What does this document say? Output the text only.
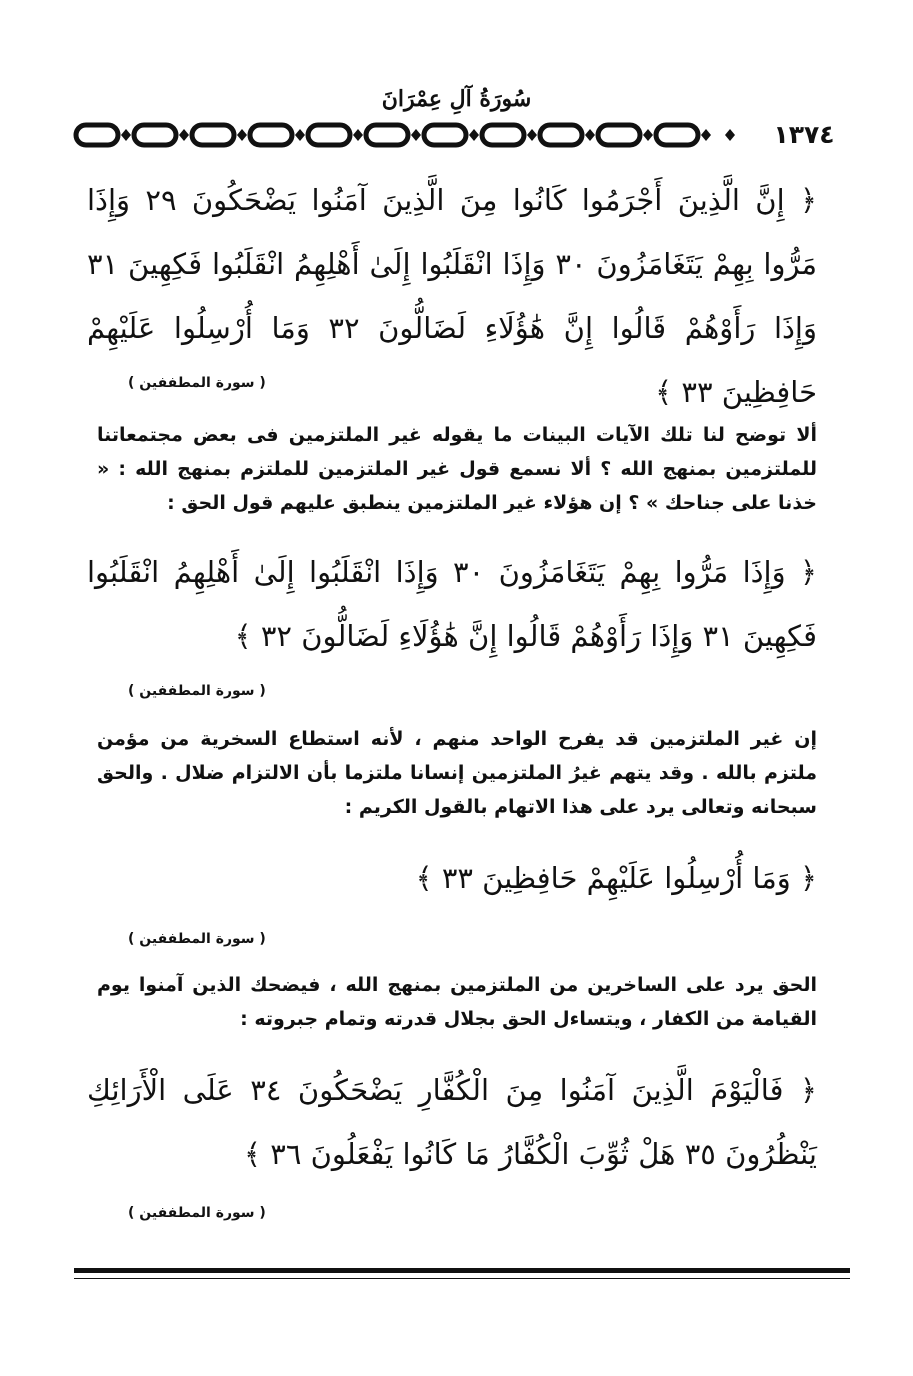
سُورَةُ آلِ عِمْرَانَ
١٣٧٤

﴿ إِنَّ الَّذِينَ أَجْرَمُوا كَانُوا مِنَ الَّذِينَ آمَنُوا يَضْحَكُونَ ٢٩ وَإِذَا مَرُّوا بِهِمْ يَتَغَامَزُونَ ٣٠ وَإِذَا انْقَلَبُوا إِلَىٰ أَهْلِهِمُ انْقَلَبُوا فَكِهِينَ ٣١ وَإِذَا رَأَوْهُمْ قَالُوا إِنَّ هَٰؤُلَاءِ لَضَالُّونَ ٣٢ وَمَا أُرْسِلُوا عَلَيْهِمْ حَافِظِينَ ٣٣ ﴾

( سورة المطففين )

ألا توضح لنا تلك الآيات البينات ما يقوله غير الملتزمين فى بعض مجتمعاتنا للملتزمين بمنهج الله ؟ ألا نسمع قول غير الملتزمين للملتزم بمنهج الله : « خذنا على جناحك » ؟ إن هؤلاء غير الملتزمين ينطبق عليهم قول الحق :

﴿ وَإِذَا مَرُّوا بِهِمْ يَتَغَامَزُونَ ٣٠ وَإِذَا انْقَلَبُوا إِلَىٰ أَهْلِهِمُ انْقَلَبُوا فَكِهِينَ ٣١ وَإِذَا رَأَوْهُمْ قَالُوا إِنَّ هَٰؤُلَاءِ لَضَالُّونَ ٣٢ ﴾

( سورة المطففين )

إن غير الملتزمين قد يفرح الواحد منهم ، لأنه استطاع السخرية من مؤمن ملتزم بالله . وقد يتهم غيرُ الملتزمين إنسانا ملتزما بأن الالتزام ضلال . والحق سبحانه وتعالى يرد على هذا الاتهام بالقول الكريم :

﴿ وَمَا أُرْسِلُوا عَلَيْهِمْ حَافِظِينَ ٣٣ ﴾

( سورة المطففين )

الحق يرد على الساخرين من الملتزمين بمنهج الله ، فيضحك الذين آمنوا يوم القيامة من الكفار ، ويتساءل الحق بجلال قدرته وتمام جبروته :

﴿ فَالْيَوْمَ الَّذِينَ آمَنُوا مِنَ الْكُفَّارِ يَضْحَكُونَ ٣٤ عَلَى الْأَرَائِكِ يَنْظُرُونَ ٣٥ هَلْ ثُوِّبَ الْكُفَّارُ مَا كَانُوا يَفْعَلُونَ ٣٦ ﴾

( سورة المطففين )
